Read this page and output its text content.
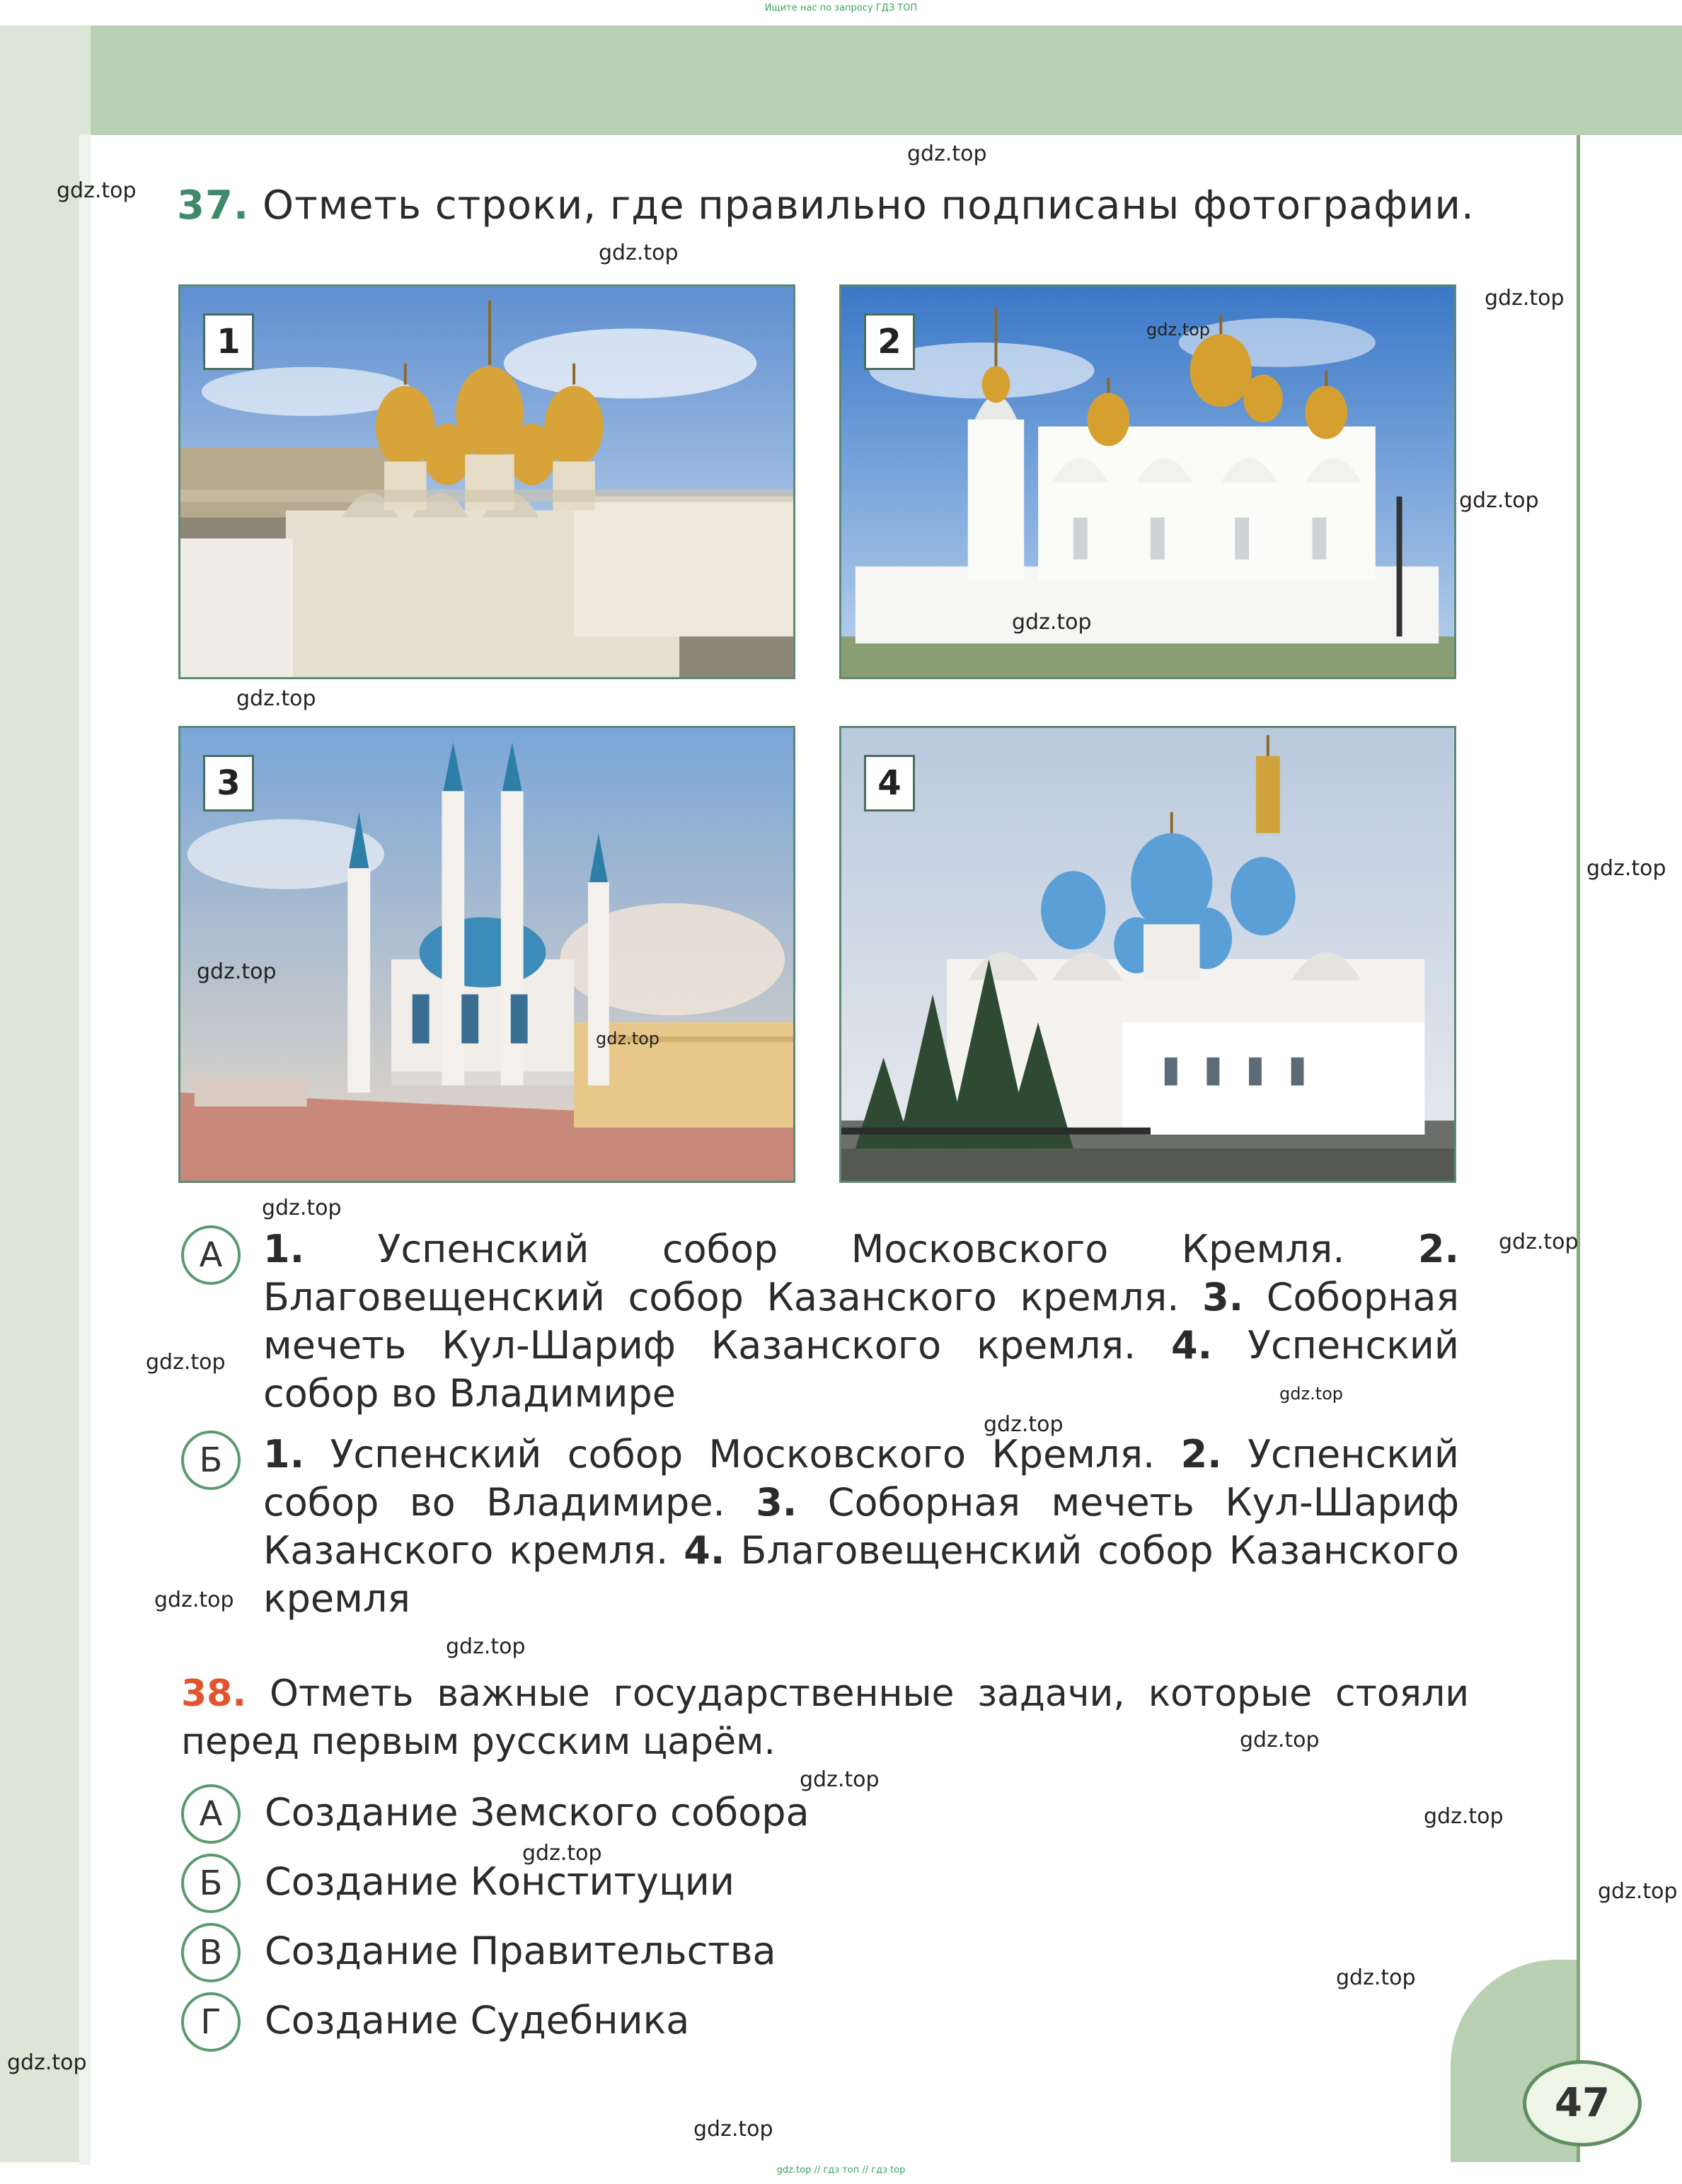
Ищите нас по запросу ГДЗ ТОП
37. Отметь строки, где правильно подписаны фотографии.
1	2
3	4
А	1. Успенский собор Московского Кремля. 2. Благовещенский собор Казанского кремля. 3. Соборная мечеть Кул-Шариф Казанского кремля. 4. Успенский собор во Владимире
Б	1. Успенский собор Московского Кремля. 2. Успенский собор во Владимире. 3. Соборная мечеть Кул-Шариф Казанского кремля. 4. Благовещенский собор Казанского кремля
38. Отметь важные государственные задачи, которые стояли перед первым русским царём.
А	Создание Земского собора
Б	Создание Конституции
В	Создание Правительства
Г	Создание Судебника
47
gdz.top
gdz.top
gdz.top
gdz.top
gdz.top
gdz.top
gdz.top
gdz.top
gdz.top
gdz.top
gdz.top
gdz.top
gdz.top
gdz.top
gdz.top
gdz.top
gdz.top
gdz.top
gdz.top
gdz.top
gdz.top
gdz.top
gdz.top
gdz.top
gdz.top
gdz.top
gdz.top // гдз топ // гдз top
